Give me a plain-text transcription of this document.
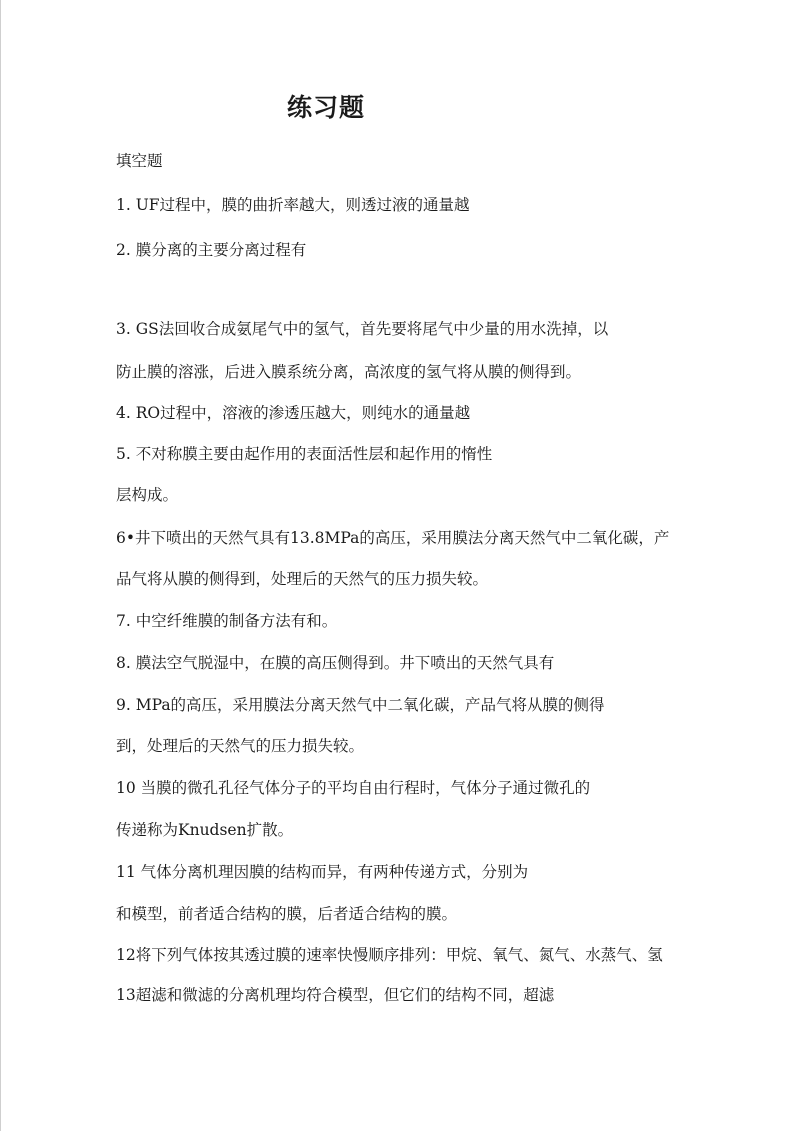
练习题

填空题

1. UF过程中，膜的曲折率越大，则透过液的通量越

2. 膜分离的主要分离过程有

3. GS法回收合成氨尾气中的氢气，首先要将尾气中少量的用水洗掉，以

防止膜的溶涨，后进入膜系统分离，高浓度的氢气将从膜的侧得到。

4. RO过程中，溶液的渗透压越大，则纯水的通量越

5. 不对称膜主要由起作用的表面活性层和起作用的惰性

层构成。

6•井下喷出的天然气具有13.8MPa的高压，采用膜法分离天然气中二氧化碳，产

品气将从膜的侧得到，处理后的天然气的压力损失较。

7. 中空纤维膜的制备方法有和。

8. 膜法空气脱湿中，在膜的高压侧得到。井下喷出的天然气具有

9. MPa的高压，采用膜法分离天然气中二氧化碳，产品气将从膜的侧得

到，处理后的天然气的压力损失较。

10 当膜的微孔孔径气体分子的平均自由行程时，气体分子通过微孔的

传递称为Knudsen扩散。

11 气体分离机理因膜的结构而异，有两种传递方式，分别为

和模型，前者适合结构的膜，后者适合结构的膜。

12将下列气体按其透过膜的速率快慢顺序排列：甲烷、氧气、氮气、水蒸气、氢

13超滤和微滤的分离机理均符合模型，但它们的结构不同，超滤
